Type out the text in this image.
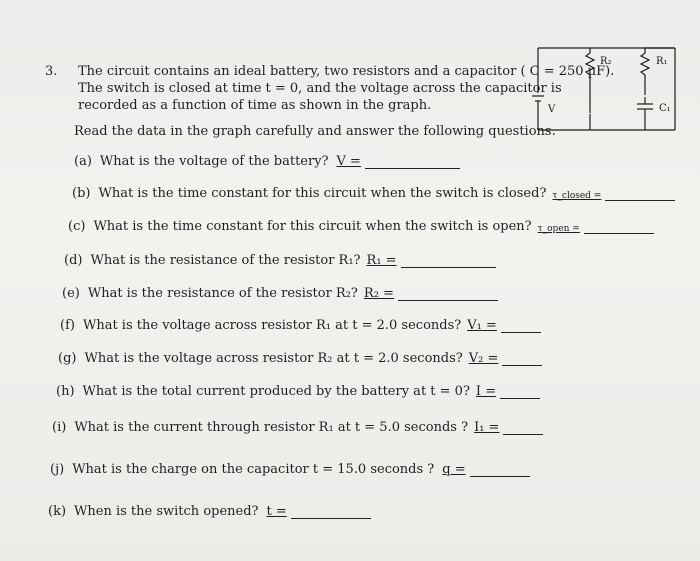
3. The circuit contains an ideal battery, two resistors and a capacitor ( C = 250 µF).
The switch is closed at time t = 0, and the voltage across the capacitor is
recorded as a function of time as shown in the graph.
Read the data in the graph carefully and answer the following questions.
R₂	R₁
C₁
V
(a) What is the voltage of the battery? V =
(b) What is the time constant for this circuit when the switch is closed? τ_closed =
(c) What is the time constant for this circuit when the switch is open? τ_open =
(d) What is the resistance of the resistor R₁? R₁ =
(e) What is the resistance of the resistor R₂? R₂ =
(f) What is the voltage across resistor R₁ at t = 2.0 seconds? V₁ =
(g) What is the voltage across resistor R₂ at t = 2.0 seconds? V₂ =
(h) What is the total current produced by the battery at t = 0? I =
(i) What is the current through resistor R₁ at t = 5.0 seconds ? I₁ =
(j) What is the charge on the capacitor t = 15.0 seconds ? q =
(k) When is the switch opened? t =
